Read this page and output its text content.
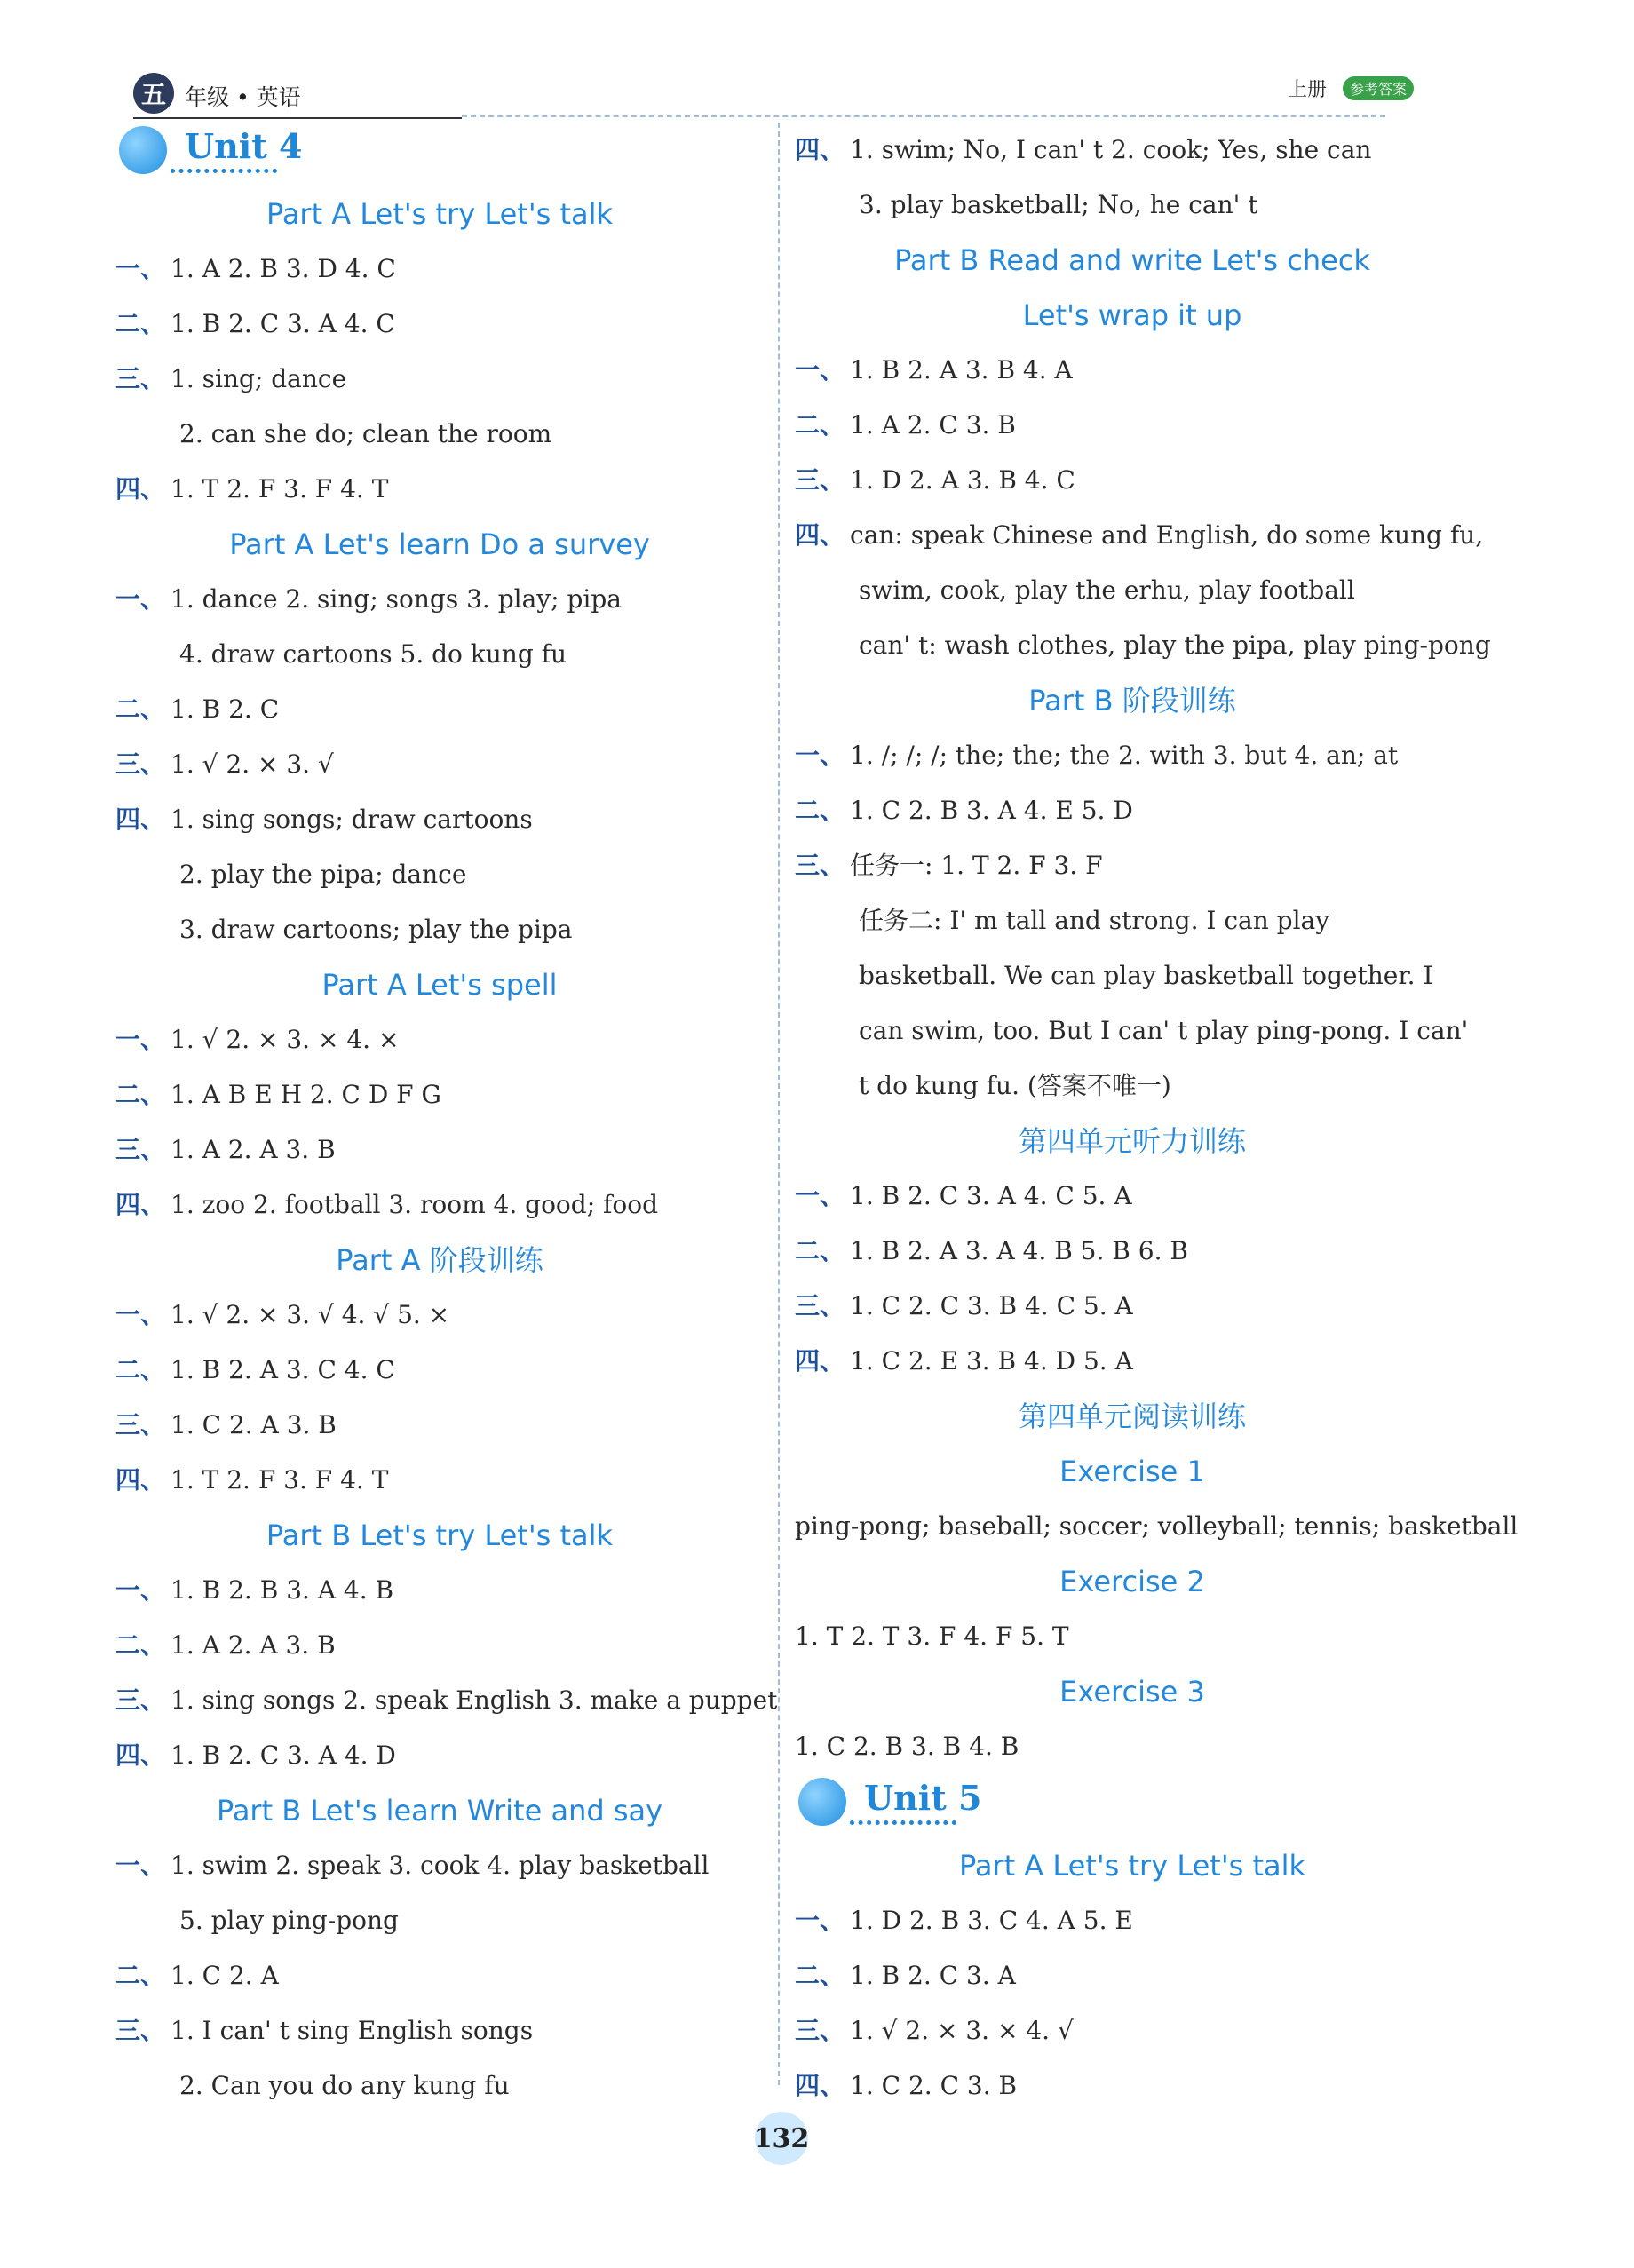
五 年级 • 英语	上册	参考答案
Unit 4
Part A Let's try Let's talk
一、 1. A 2. B 3. D 4. C
二、 1. B 2. C 3. A 4. C
三、 1. sing; dance
2. can she do; clean the room
四、 1. T 2. F 3. F 4. T
Part A Let's learn Do a survey
一、 1. dance 2. sing; songs 3. play; pipa
4. draw cartoons 5. do kung fu
二、 1. B 2. C
三、 1. √ 2. × 3. √
四、 1. sing songs; draw cartoons
2. play the pipa; dance
3. draw cartoons; play the pipa
Part A Let's spell
一、 1. √ 2. × 3. × 4. ×
二、 1. A B E H 2. C D F G
三、 1. A 2. A 3. B
四、 1. zoo 2. football 3. room 4. good; food
Part A 阶段训练
一、 1. √ 2. × 3. √ 4. √ 5. ×
二、 1. B 2. A 3. C 4. C
三、 1. C 2. A 3. B
四、 1. T 2. F 3. F 4. T
Part B Let's try Let's talk
一、 1. B 2. B 3. A 4. B
二、 1. A 2. A 3. B
三、 1. sing songs 2. speak English 3. make a puppet
四、 1. B 2. C 3. A 4. D
Part B Let's learn Write and say
一、 1. swim 2. speak 3. cook 4. play basketball
5. play ping-pong
二、 1. C 2. A
三、 1. I can' t sing English songs
2. Can you do any kung fu
四、 1. swim; No, I can' t 2. cook; Yes, she can
3. play basketball; No, he can' t
Part B Read and write Let's check
Let's wrap it up
一、 1. B 2. A 3. B 4. A
二、 1. A 2. C 3. B
三、 1. D 2. A 3. B 4. C
四、 can: speak Chinese and English, do some kung fu,
swim, cook, play the erhu, play football
can' t: wash clothes, play the pipa, play ping-pong
Part B 阶段训练
一、 1. /; /; /; the; the; the 2. with 3. but 4. an; at
二、 1. C 2. B 3. A 4. E 5. D
三、 任务一: 1. T 2. F 3. F
任务二: I' m tall and strong. I can play basketball. We can play basketball together. I can swim, too. But I can' t play ping-pong. I can' t do kung fu. (答案不唯一)
第四单元听力训练
一、 1. B 2. C 3. A 4. C 5. A
二、 1. B 2. A 3. A 4. B 5. B 6. B
三、 1. C 2. C 3. B 4. C 5. A
四、 1. C 2. E 3. B 4. D 5. A
第四单元阅读训练
Exercise 1
ping-pong; baseball; soccer; volleyball; tennis; basketball
Exercise 2
1. T 2. T 3. F 4. F 5. T
Exercise 3
1. C 2. B 3. B 4. B
Unit 5
Part A Let's try Let's talk
一、 1. D 2. B 3. C 4. A 5. E
二、 1. B 2. C 3. A
三、 1. √ 2. × 3. × 4. √
四、 1. C 2. C 3. B
132
